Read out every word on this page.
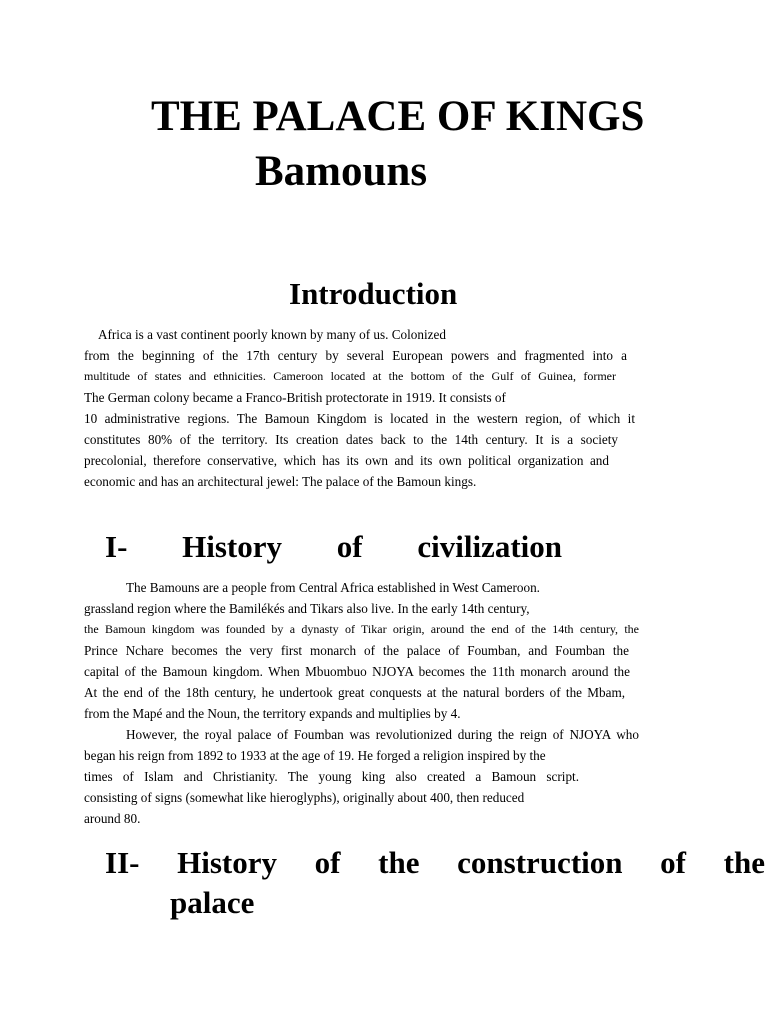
THE PALACE OF KINGS
Bamouns
Introduction
Africa is a vast continent poorly known by many of us. Colonized
from the beginning of the 17th century by several European powers and fragmented into a
multitude of states and ethnicities. Cameroon located at the bottom of the Gulf of Guinea, former
The German colony became a Franco-British protectorate in 1919. It consists of
10 administrative regions. The Bamoun Kingdom is located in the western region, of which it
constitutes 80% of the territory. Its creation dates back to the 14th century. It is a society
precolonial, therefore conservative, which has its own and its own political organization and
economic and has an architectural jewel: The palace of the Bamoun kings.
I- History of civilization
The Bamouns are a people from Central Africa established in West Cameroon.
grassland region where the Bamilékés and Tikars also live. In the early 14th century,
the Bamoun kingdom was founded by a dynasty of Tikar origin, around the end of the 14th century, the
Prince Nchare becomes the very first monarch of the palace of Foumban, and Foumban the
capital of the Bamoun kingdom. When Mbuombuo NJOYA becomes the 11th monarch around the
At the end of the 18th century, he undertook great conquests at the natural borders of the Mbam,
from the Mapé and the Noun, the territory expands and multiplies by 4.
However, the royal palace of Foumban was revolutionized during the reign of NJOYA who
began his reign from 1892 to 1933 at the age of 19. He forged a religion inspired by the
times of Islam and Christianity. The young king also created a Bamoun script.
consisting of signs (somewhat like hieroglyphs), originally about 400, then reduced
around 80.
II- History of the construction of the
palace
